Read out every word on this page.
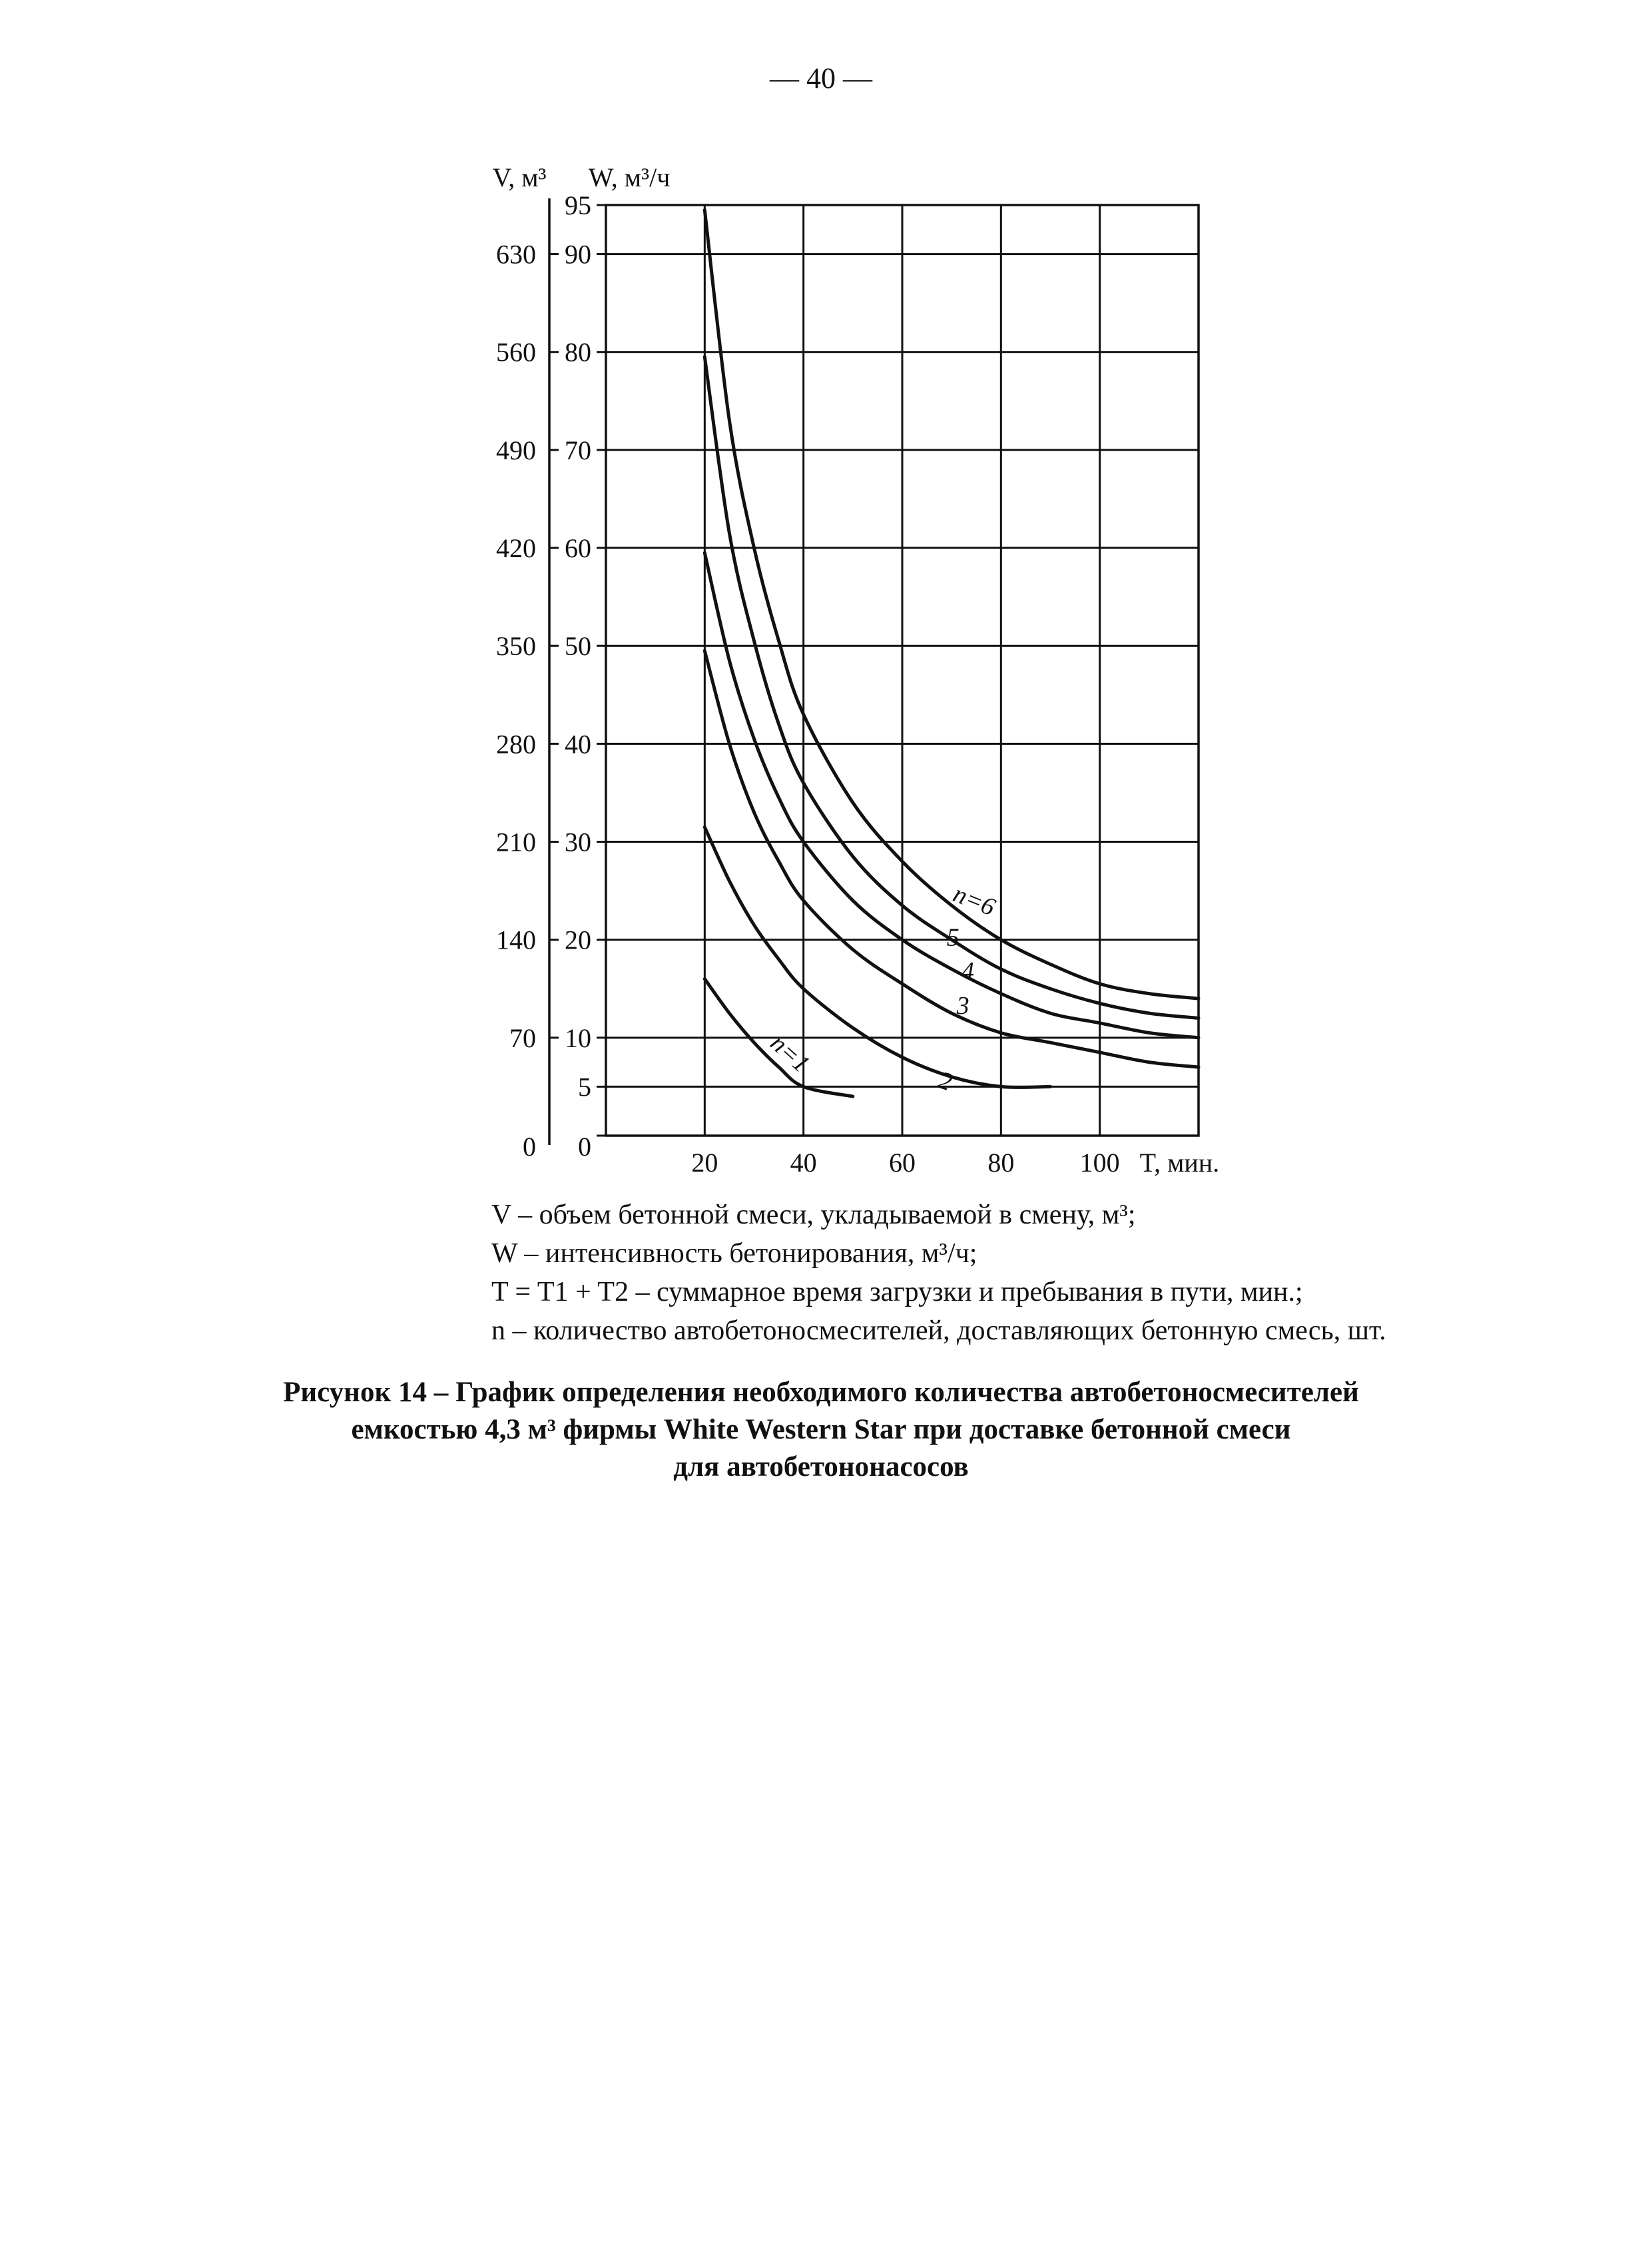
— 40 —
0
70
140
210
280
350
420
490
560
630
0
5
10
20
30
40
50
60
70
80
90
95
20	40	60	80 100 T, мин.
V, м³ W, м³/ч
n=1
2
3
4
5
n=6
V – объем бетонной смеси, укладываемой в смену, м³;
W – интенсивность бетонирования, м³/ч;
T = T1 + T2 – суммарное время загрузки и пребывания в пути, мин.;
n – количество автобетоносмесителей, доставляющих бетонную смесь, шт.
Рисунок 14 – График определения необходимого количества автобетоносмесителей
емкостью 4,3 м³ фирмы White Western Star при доставке бетонной смеси
для автобетононасосов
